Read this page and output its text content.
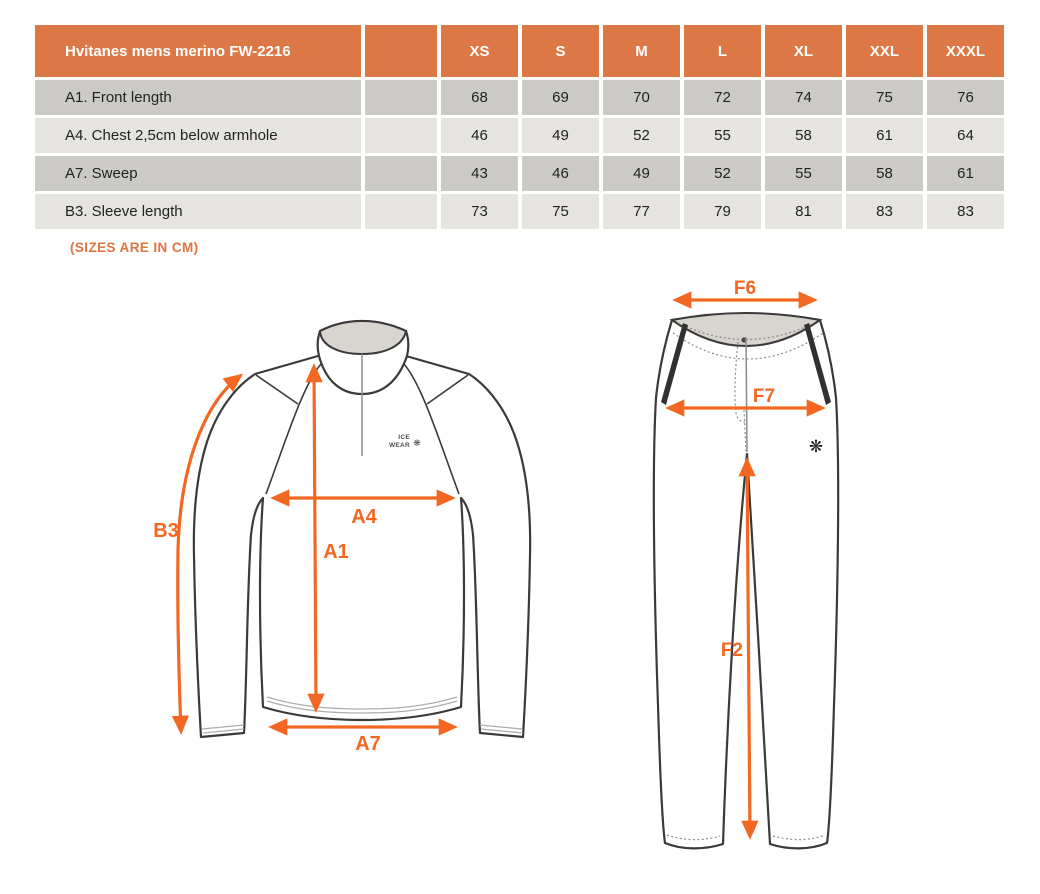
Hvitanes mens merino FW-2216		XS	S	M	L	XL	XXL	XXXL
A1. Front length		68	69	70	72	74	75	76
A4. Chest 2,5cm below armhole		46	49	52	55	58	61	64
A7. Sweep		43	46	49	52	55	58	61
B3. Sleeve length		73	75	77	79	81	83	83
(SIZES ARE IN CM)
ICE
WEAR ❋
B3
A1
A4
A7
❋
F6
F7
F2
